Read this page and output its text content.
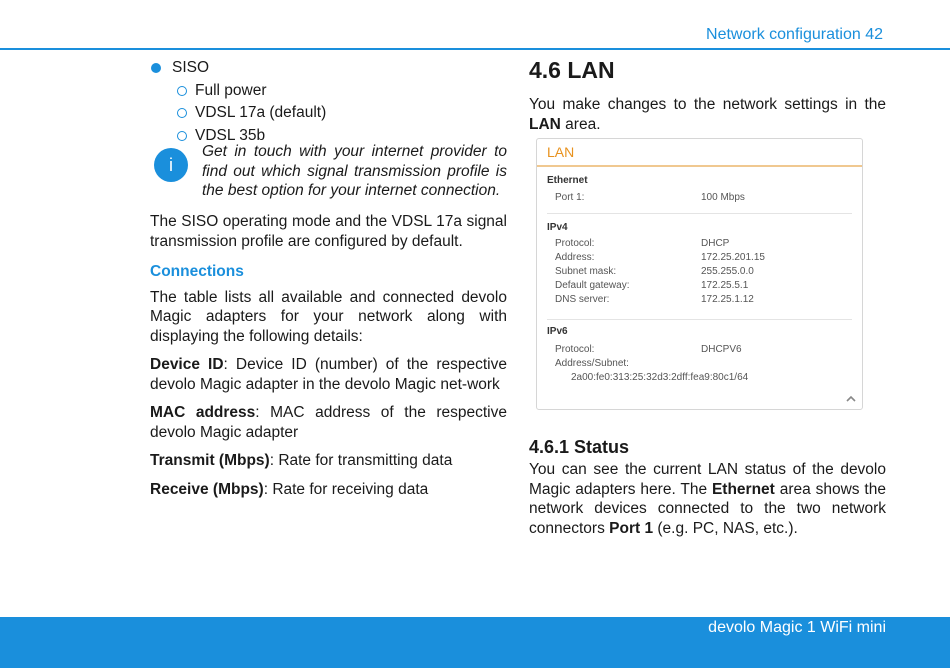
Network configuration 42
SISO
Full power
VDSL 17a (default)
VDSL 35b
i
Get in touch with your internet provider to find out which signal transmission profile is the best option for your internet connection.

The SISO operating mode and the VDSL 17a signal transmission profile are configured by default.

Connections

The table lists all available and connected devolo Magic adapters for your network along with displaying the following details:

Device ID: Device ID (number) of the respective devolo Magic adapter in the devolo Magic net-work

MAC address: MAC address of the respective devolo Magic adapter

Transmit (Mbps): Rate for transmitting data

Receive (Mbps): Rate for receiving data

4.6 LAN

You make changes to the network settings in the LAN area.

LAN
Ethernet
Port 1:	100 Mbps
IPv4
Protocol:	DHCP
Address:	172.25.201.15
Subnet mask:	255.255.0.0
Default gateway:	172.25.5.1
DNS server:	172.25.1.12
IPv6
Protocol:	DHCPV6
Address/Subnet:
2a00:fe0:313:25:32d3:2dff:fea9:80c1/64
4.6.1 Status

You can see the current LAN status of the devolo Magic adapters here. The Ethernet area shows the network devices connected to the two network connectors Port 1 (e.g. PC, NAS, etc.).

devolo Magic 1 WiFi mini
